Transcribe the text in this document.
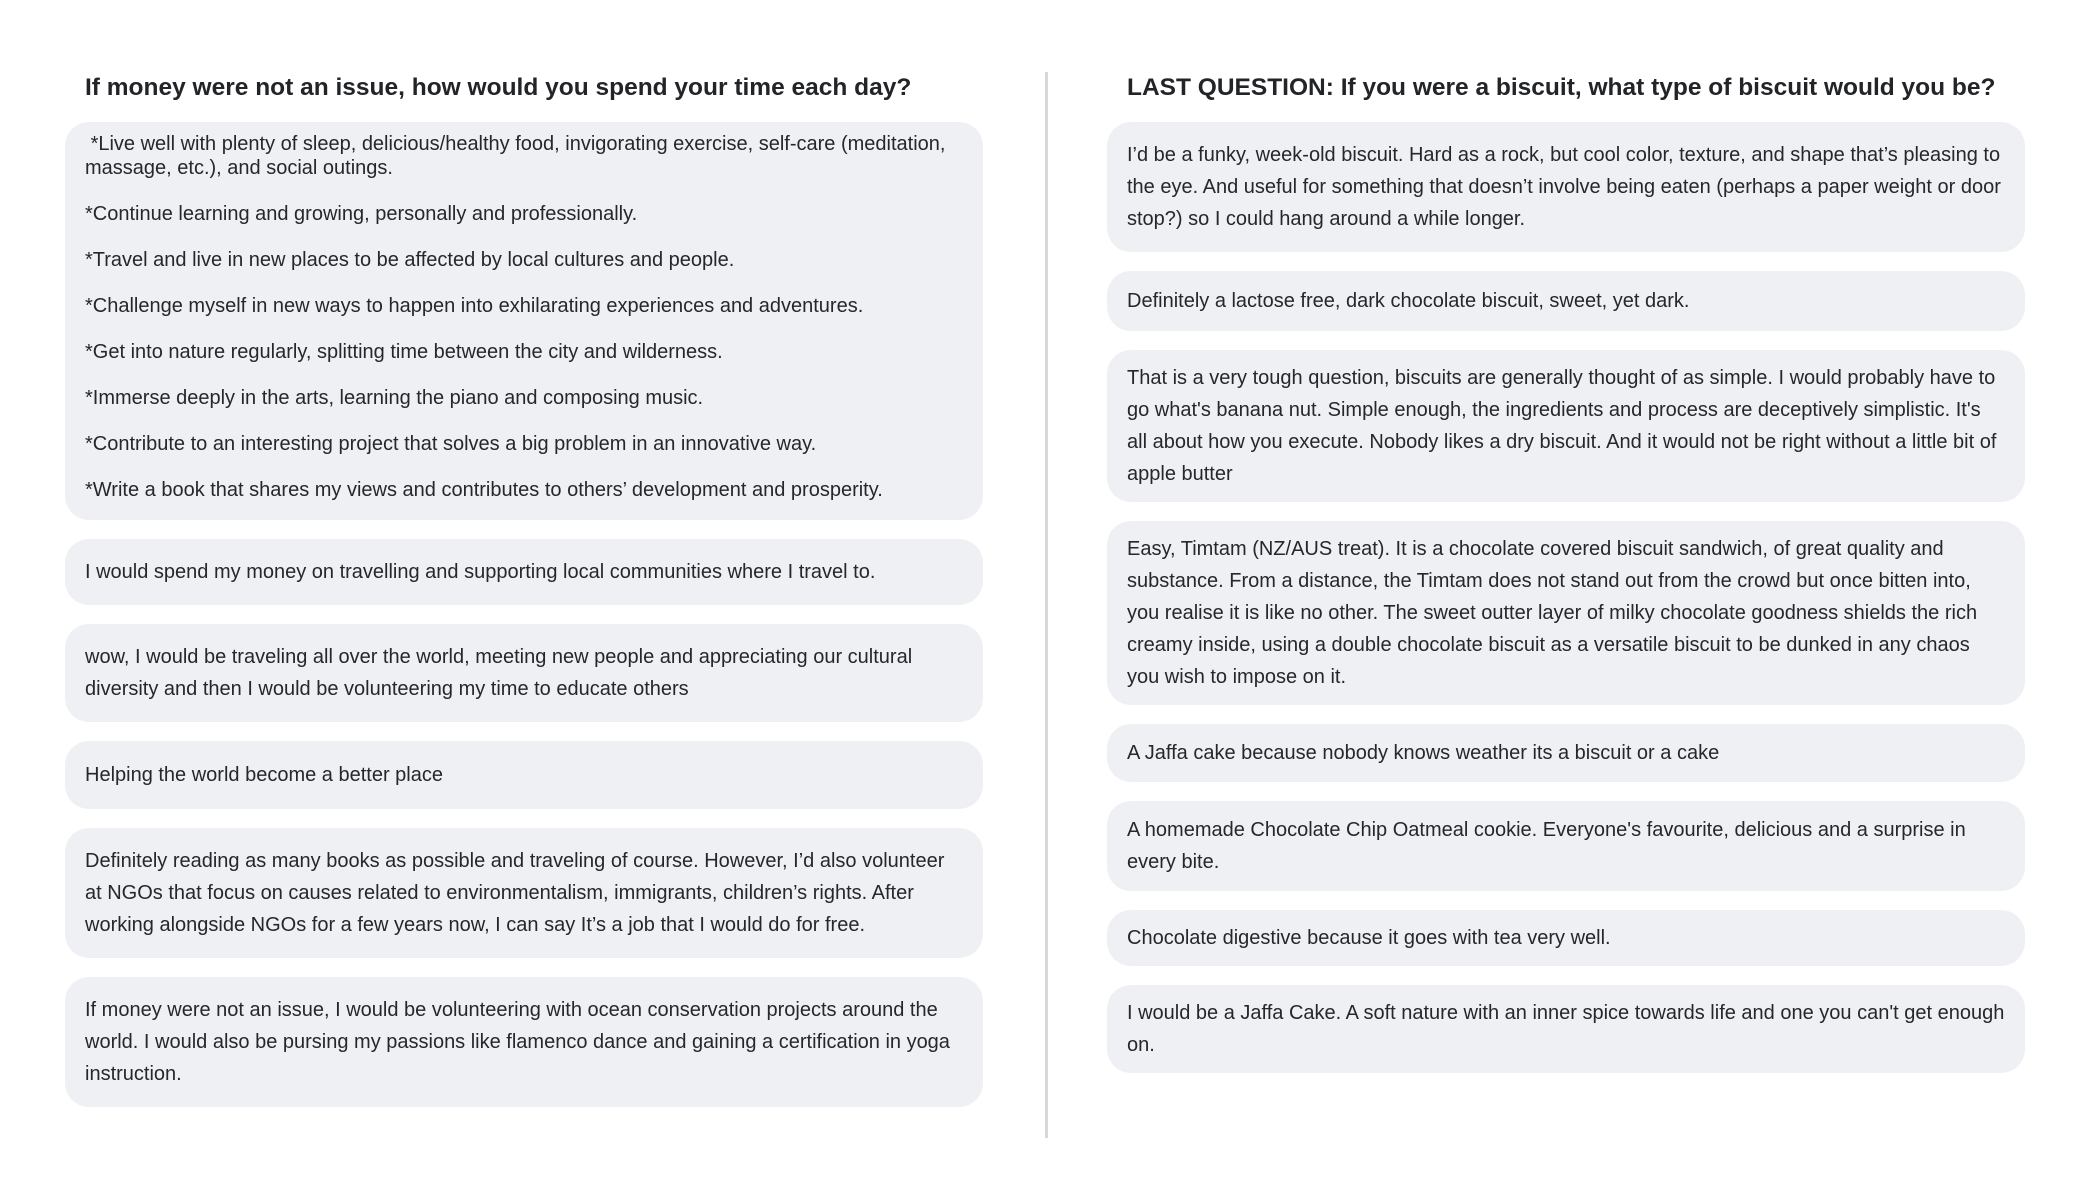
If money were not an issue, how would you spend your time each day?

*Live well with plenty of sleep, delicious/healthy food, invigorating exercise, self-care (meditation, massage, etc.), and social outings.

*Continue learning and growing, personally and professionally.

*Travel and live in new places to be affected by local cultures and people.

*Challenge myself in new ways to happen into exhilarating experiences and adventures.

*Get into nature regularly, splitting time between the city and wilderness.

*Immerse deeply in the arts, learning the piano and composing music.

*Contribute to an interesting project that solves a big problem in an innovative way.

*Write a book that shares my views and contributes to others’ development and prosperity.

I would spend my money on travelling and supporting local communities where I travel to.

wow, I would be traveling all over the world, meeting new people and appreciating our cultural diversity and then I would be volunteering my time to educate others

Helping the world become a better place

Definitely reading as many books as possible and traveling of course. However, I’d also volunteer at NGOs that focus on causes related to environmentalism, immigrants, children’s rights. After working alongside NGOs for a few years now, I can say It’s a job that I would do for free.

If money were not an issue, I would be volunteering with ocean conservation projects around the world. I would also be pursing my passions like flamenco dance and gaining a certification in yoga instruction.

LAST QUESTION: If you were a biscuit, what type of biscuit would you be?

I’d be a funky, week-old biscuit. Hard as a rock, but cool color, texture, and shape that’s pleasing to the eye. And useful for something that doesn’t involve being eaten (perhaps a paper weight or door stop?) so I could hang around a while longer.

Definitely a lactose free, dark chocolate biscuit, sweet, yet dark.

That is a very tough question, biscuits are generally thought of as simple. I would probably have to go what's banana nut. Simple enough, the ingredients and process are deceptively simplistic. It's all about how you execute. Nobody likes a dry biscuit. And it would not be right without a little bit of apple butter

Easy, Timtam (NZ/AUS treat). It is a chocolate covered biscuit sandwich, of great quality and substance. From a distance, the Timtam does not stand out from the crowd but once bitten into, you realise it is like no other. The sweet outter layer of milky chocolate goodness shields the rich creamy inside, using a double chocolate biscuit as a versatile biscuit to be dunked in any chaos you wish to impose on it.

A Jaffa cake because nobody knows weather its a biscuit or a cake

A homemade Chocolate Chip Oatmeal cookie. Everyone's favourite, delicious and a surprise in every bite.

Chocolate digestive because it goes with tea very well.

I would be a Jaffa Cake. A soft nature with an inner spice towards life and one you can't get enough on.
